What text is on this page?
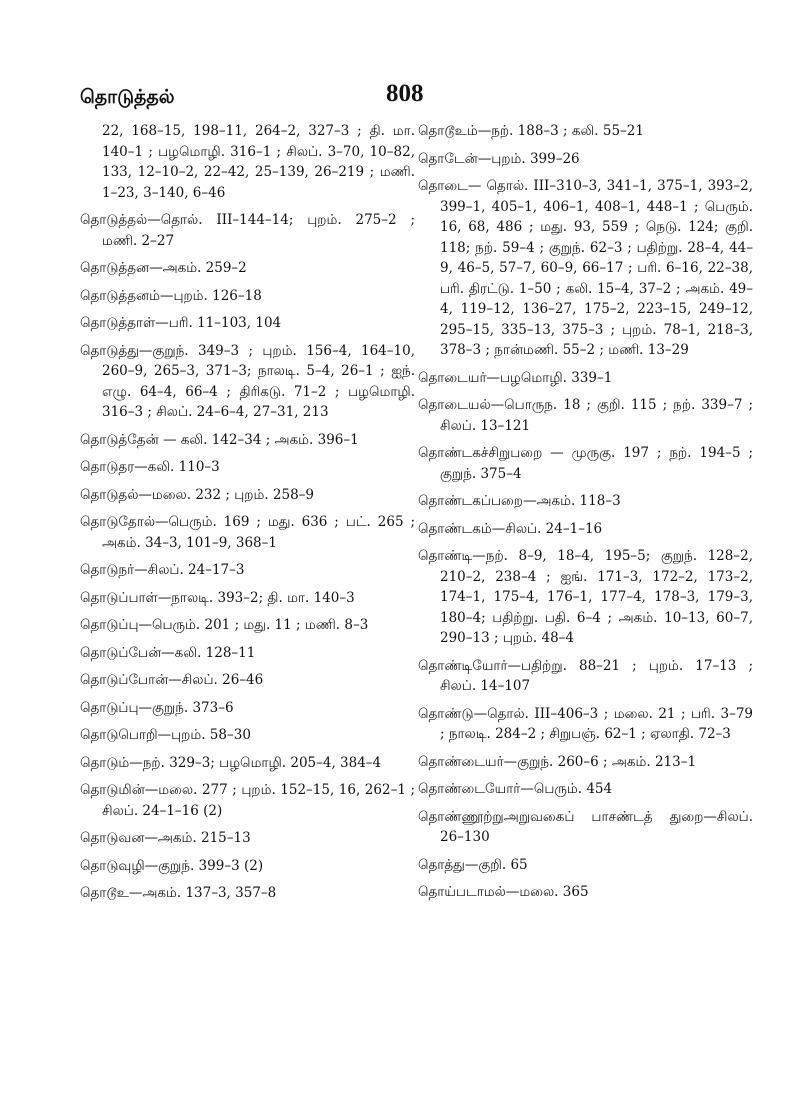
தொடுத்தல்	808
22, 168–15, 198–11, 264–2, 327–3 ; தி. மா. 140–1 ; பழமொழி. 316–1 ; சிலப். 3–70, 10–82, 133, 12–10–2, 22–42, 25–139, 26–219 ; மணி. 1–23, 3–140, 6–46
தொடுத்தல்—தொல். III–144–14; புறம். 275–2 ; மணி. 2–27
தொடுத்தன—அகம். 259–2
தொடுத்தனம்—புறம். 126–18
தொடுத்தாள்—பரி. 11–103, 104
தொடுத்து—குறுந். 349–3 ; புறம். 156–4, 164–10, 260–9, 265–3, 371–3; நாலடி. 5–4, 26–1 ; ஐந். எழு. 64–4, 66–4 ; திரிகடு. 71–2 ; பழமொழி. 316–3 ; சிலப். 24–6–4, 27–31, 213
தொடுத்தேன் — கலி. 142–34 ; அகம். 396–1
தொடுதர—கலி. 110–3
தொடுதல்—மலை. 232 ; புறம். 258–9
தொடுதோல்—பெரும். 169 ; மது. 636 ; பட். 265 ; அகம். 34–3, 101–9, 368–1
தொடுநர்—சிலப். 24–17–3
தொடுப்பாள்—நாலடி. 393–2; தி. மா. 140–3
தொடுப்பு—பெரும். 201 ; மது. 11 ; மணி. 8–3
தொடுப்பேன்—கலி. 128–11
தொடுப்போன்—சிலப். 26–46
தொடுப்பு—குறுந். 373–6
தொடுபொறி—புறம். 58–30
தொடும்—நற். 329–3; பழமொழி. 205–4, 384–4
தொடுமின்—மலை. 277 ; புறம். 152–15, 16, 262–1 ; சிலப். 24–1–16 (2)
தொடுவன—அகம். 215–13
தொடுவுழி—குறுந். 399–3 (2)
தொடூஉ—அகம். 137–3, 357–8
தொடூஉம்—நற். 188–3 ; கலி. 55–21
தொடேன்—புறம். 399–26
தொடை— தொல். III–310–3, 341–1, 375–1, 393–2, 399–1, 405–1, 406–1, 408–1, 448–1 ; பெரும். 16, 68, 486 ; மது. 93, 559 ; நெடு. 124; குறி. 118; நற். 59–4 ; குறுந். 62–3 ; பதிற்று. 28–4, 44–9, 46–5, 57–7, 60–9, 66–17 ; பரி. 6–16, 22–38, பரி. திரட்டு. 1–50 ; கலி. 15–4, 37–2 ; அகம். 49–4, 119–12, 136–27, 175–2, 223–15, 249–12, 295–15, 335–13, 375–3 ; புறம். 78–1, 218–3, 378–3 ; நான்மணி. 55–2 ; மணி. 13–29
தொடையர்—பழமொழி. 339–1
தொடையல்—பொருந. 18 ; குறி. 115 ; நற். 339–7 ; சிலப். 13–121
தொண்டகச்சிறுபறை — முருகு. 197 ; நற். 194–5 ; குறுந். 375–4
தொண்டகப்பறை—அகம். 118–3
தொண்டகம்—சிலப். 24–1–16
தொண்டி—நற். 8–9, 18–4, 195–5; குறுந். 128–2, 210–2, 238–4 ; ஐங். 171–3, 172–2, 173–2, 174–1, 175–4, 176–1, 177–4, 178–3, 179–3, 180–4; பதிற்று. பதி. 6–4 ; அகம். 10–13, 60–7, 290–13 ; புறம். 48–4
தொண்டியோர்—பதிற்று. 88–21 ; புறம். 17–13 ; சிலப். 14–107
தொண்டு—தொல். III–406–3 ; மலை. 21 ; பரி. 3–79 ; நாலடி. 284–2 ; சிறுபஞ். 62–1 ; ஏலாதி. 72–3
தொண்டையர்—குறுந். 260–6 ; அகம். 213–1
தொண்டையோர்—பெரும். 454
தொண்ணூற்றுஅறுவகைப் பாசண்டத் துறை—சிலப். 26–130
தொத்து—குறி. 65
தொய்படாமல்—மலை. 365
